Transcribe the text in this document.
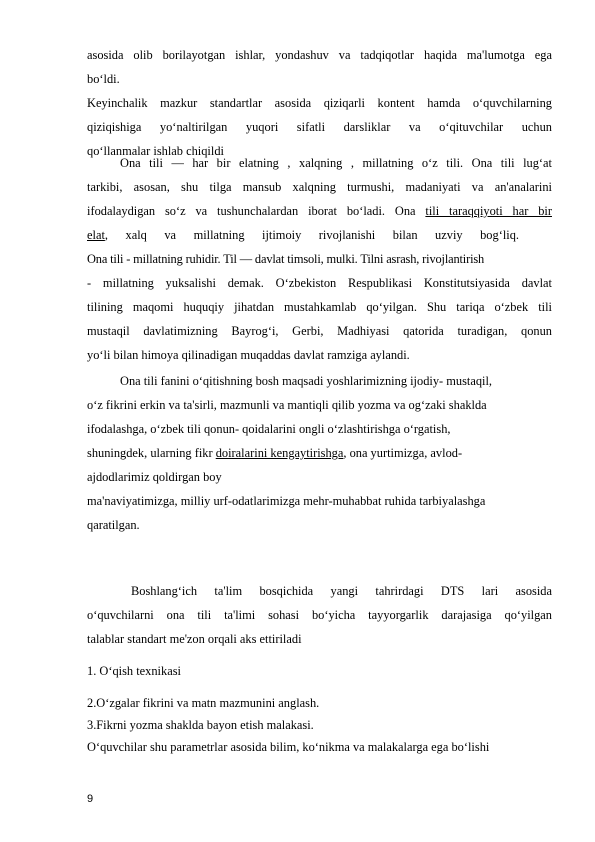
asosida olib borilayotgan ishlar, yondashuv va tadqiqotlar haqida ma'lumotga ega
bo‘ldi.
Keyinchalik mazkur standartlar asosida qiziqarli kontent hamda o‘quvchilarning
qiziqishiga yo‘naltirilgan yuqori sifatli darsliklar va o‘qituvchilar uchun
qo‘llanmalar ishlab chiqildi
Ona tili — har bir elatning , xalqning , millatning o‘z tili. Ona tili lug‘at
tarkibi, asosan, shu tilga mansub xalqning turmushi, madaniyati va an'analarini
ifodalaydigan so‘z va tushunchalardan iborat bo‘ladi. Ona tili taraqqiyoti har bir
elat, xalq va millatning ijtimoiy rivojlanishi bilan uzviy bog‘liq.
Ona tili - millatning ruhidir. Til — davlat timsoli, mulki. Tilni asrash, rivojlantirish
- millatning yuksalishi demak. O‘zbekiston Respublikasi Konstitutsiyasida davlat
tilining maqomi huquqiy jihatdan mustahkamlab qo‘yilgan. Shu tariqa o‘zbek tili
mustaqil davlatimizning Bayrog‘i, Gerbi, Madhiyasi qatorida turadigan, qonun
yo‘li bilan himoya qilinadigan muqaddas davlat ramziga aylandi.
Ona tili fanini o‘qitishning bosh maqsadi yoshlarimizning ijodiy- mustaqil,
o‘z fikrini erkin va ta'sirli, mazmunli va mantiqli qilib yozma va og‘zaki shaklda
ifodalashga, o‘zbek tili qonun- qoidalarini ongli o‘zlashtirishga o‘rgatish,
shuningdek, ularning fikr doiralarini kengaytirishga, ona yurtimizga, avlod-
ajdodlarimiz qoldirgan boy
ma'naviyatimizga, milliy urf-odatlarimizga mehr-muhabbat ruhida tarbiyalashga
qaratilgan.
Boshlang‘ich ta'lim bosqichida yangi tahrirdagi DTS lari asosida
o‘quvchilarni ona tili ta'limi sohasi bo‘yicha tayyorgarlik darajasiga qo‘yilgan
talablar standart me'zon orqali aks ettiriladi
1. O‘qish texnikasi
2.O‘zgalar fikrini va matn mazmunini anglash.
3.Fikrni yozma shaklda bayon etish malakasi.
O‘quvchilar shu parametrlar asosida bilim, ko‘nikma va malakalarga ega bo‘lishi
9
